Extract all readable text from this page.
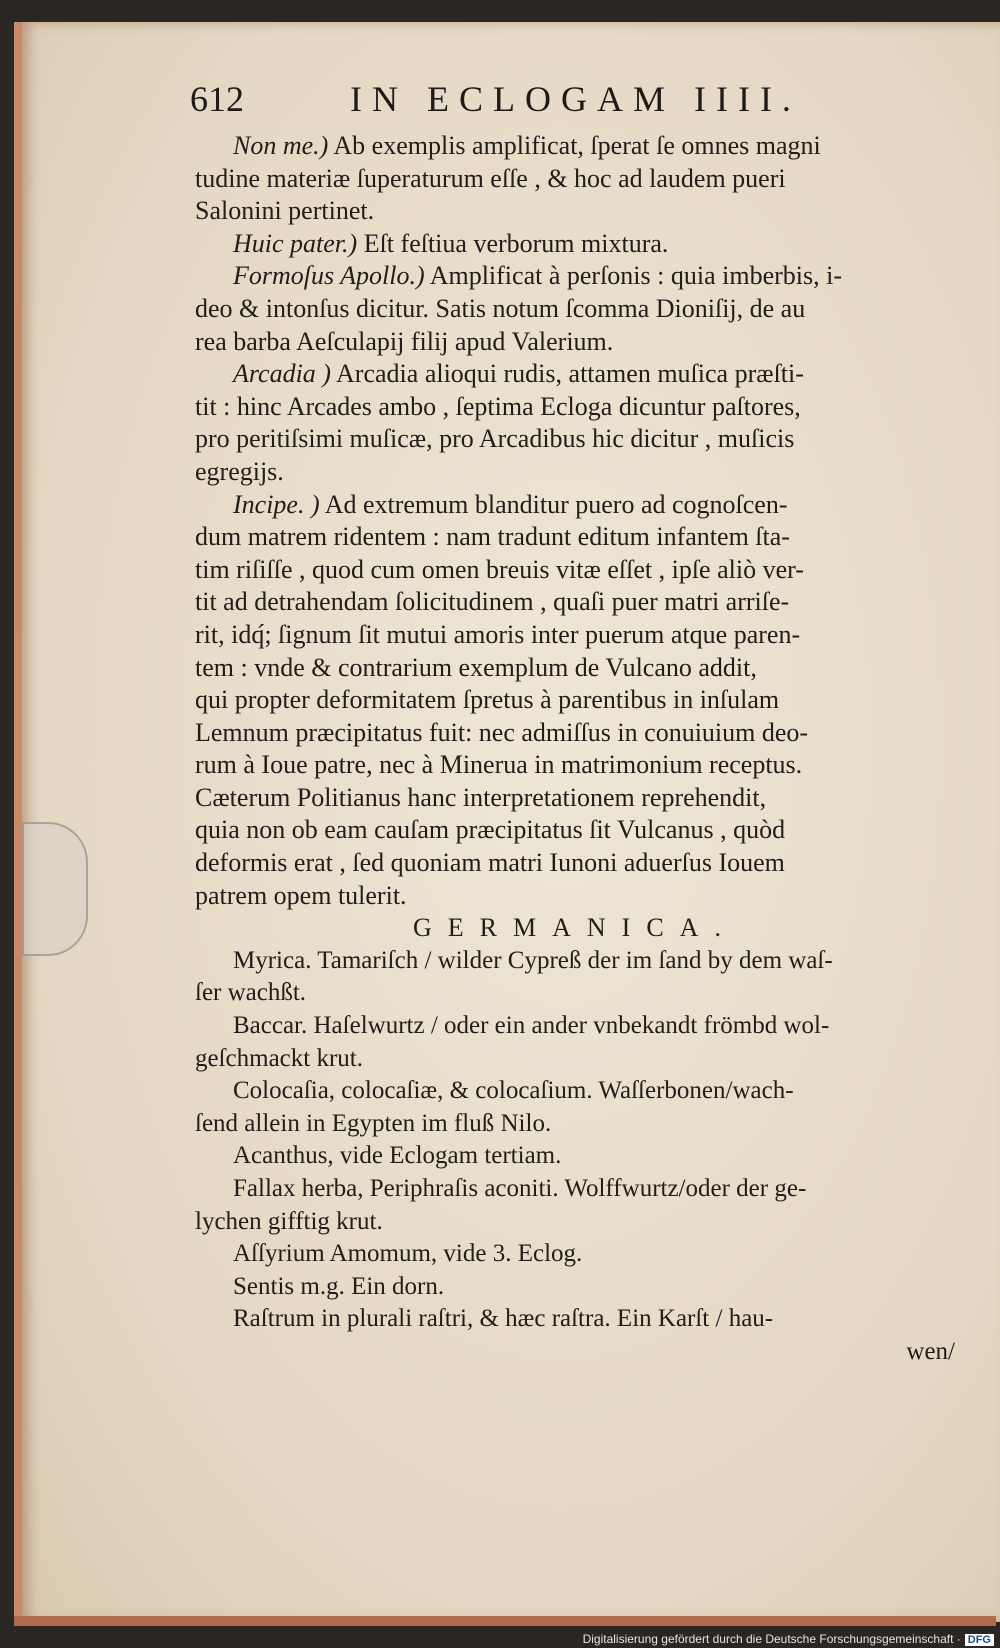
612	IN ECLOGAM IIII.
Non me.) Ab exemplis amplificat, ſperat ſe omnes magni
tudine materiæ ſuperaturum eſſe , & hoc ad laudem pueri
Salonini pertinet.
Huic pater.) Eſt feſtiua verborum mixtura.
Formoſus Apollo.) Amplificat à perſonis : quia imberbis, i-
deo & intonſus dicitur. Satis notum ſcomma Dioniſij, de au
rea barba Aeſculapij filij apud Valerium.
Arcadia ) Arcadia alioqui rudis, attamen muſica præſti-
tit : hinc Arcades ambo , ſeptima Ecloga dicuntur paſtores,
pro peritiſsimi muſicæ, pro Arcadibus hic dicitur , muſicis
egregijs.
Incipe. ) Ad extremum blanditur puero ad cognoſcen-
dum matrem ridentem : nam tradunt editum infantem ſta-
tim riſiſſe , quod cum omen breuis vitæ eſſet , ipſe aliò ver-
tit ad detrahendam ſolicitudinem , quaſi puer matri arriſe-
rit, idq́; ſignum ſit mutui amoris inter puerum atque paren-
tem : vnde & contrarium exemplum de Vulcano addit,
qui propter deformitatem ſpretus à parentibus in inſulam
Lemnum præcipitatus fuit: nec admiſſus in conuiuium deo-
rum à Ioue patre, nec à Minerua in matrimonium receptus.
Cæterum Politianus hanc interpretationem reprehendit,
quia non ob eam cauſam præcipitatus ſit Vulcanus , quòd
deformis erat , ſed quoniam matri Iunoni aduerſus Iouem
patrem opem tulerit.
GERMANICA.
Myrica. Tamariſch / wilder Cypreß der im ſand by dem waſ-
ſer wachßt.
Baccar. Haſelwurtz / oder ein ander vnbekandt frömbd wol-
geſchmackt krut.
Colocaſia, colocaſiæ, & colocaſium. Waſſerbonen/wach-
ſend allein in Egypten im fluß Nilo.
Acanthus, vide Eclogam tertiam.
Fallax herba, Periphraſis aconiti. Wolffwurtz/oder der ge-
lychen gifftig krut.
Aſſyrium Amomum, vide 3. Eclog.
Sentis m.g. Ein dorn.
Raſtrum in plurali raſtri, & hæc raſtra. Ein Karſt / hau-
wen/
Digitalisierung gefördert durch die Deutsche Forschungsgemeinschaft · DFG
